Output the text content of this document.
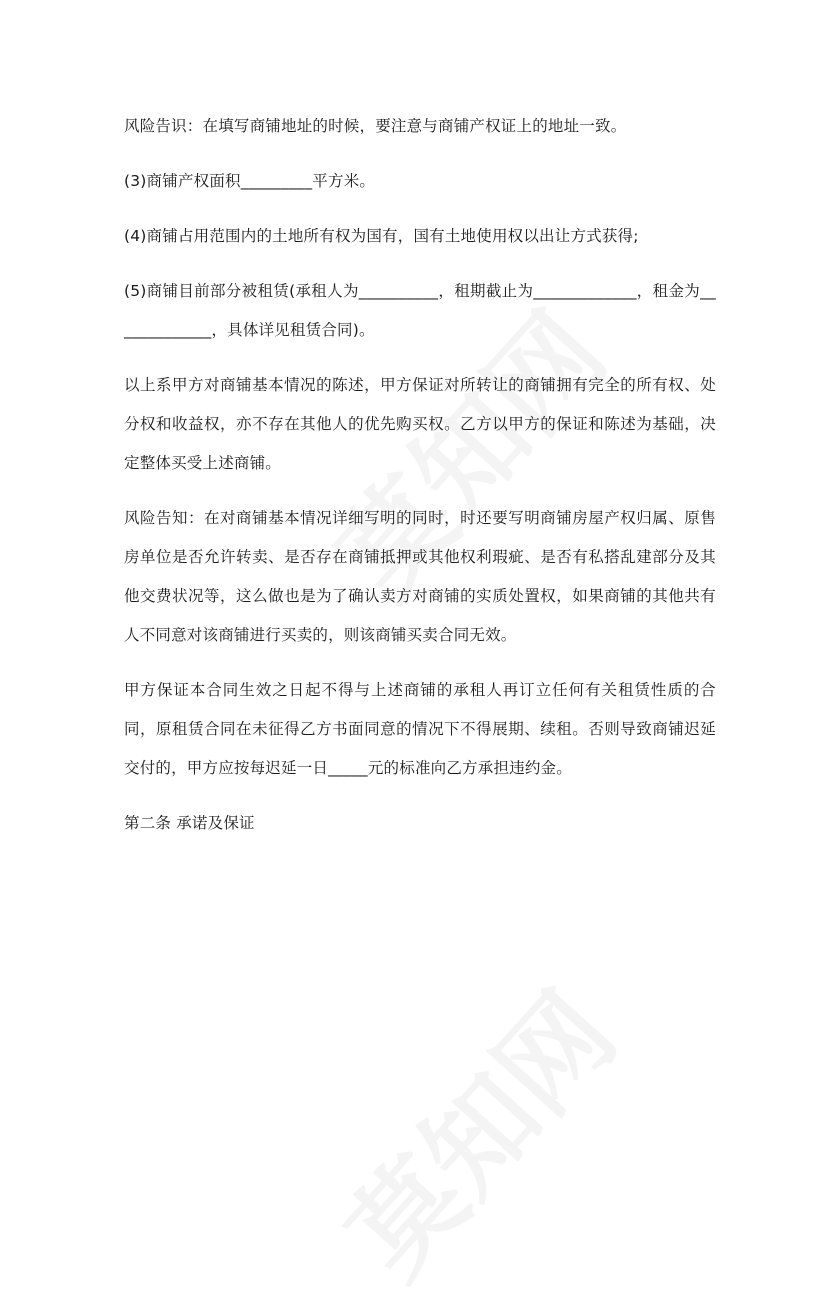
风险告识：在填写商铺地址的时候，要注意与商铺产权证上的地址一致。

(3)商铺产权面积_________平方米。

(4)商铺占用范围内的土地所有权为国有，国有土地使用权以出让方式获得;

(5)商铺目前部分被租赁(承租人为__________，租期截止为_____________，租金为_____________，具体详见租赁合同)。

以上系甲方对商铺基本情况的陈述，甲方保证对所转让的商铺拥有完全的所有权、处分权和收益权，亦不存在其他人的优先购买权。乙方以甲方的保证和陈述为基础，决定整体买受上述商铺。

风险告知：在对商铺基本情况详细写明的同时，时还要写明商铺房屋产权归属、原售房单位是否允许转卖、是否存在商铺抵押或其他权利瑕疵、是否有私搭乱建部分及其他交费状况等，这么做也是为了确认卖方对商铺的实质处置权，如果商铺的其他共有人不同意对该商铺进行买卖的，则该商铺买卖合同无效。

甲方保证本合同生效之日起不得与上述商铺的承租人再订立任何有关租赁性质的合同，原租赁合同在未征得乙方书面同意的情况下不得展期、续租。否则导致商铺迟延交付的，甲方应按每迟延一日_____元的标准向乙方承担违约金。

第二条 承诺及保证
